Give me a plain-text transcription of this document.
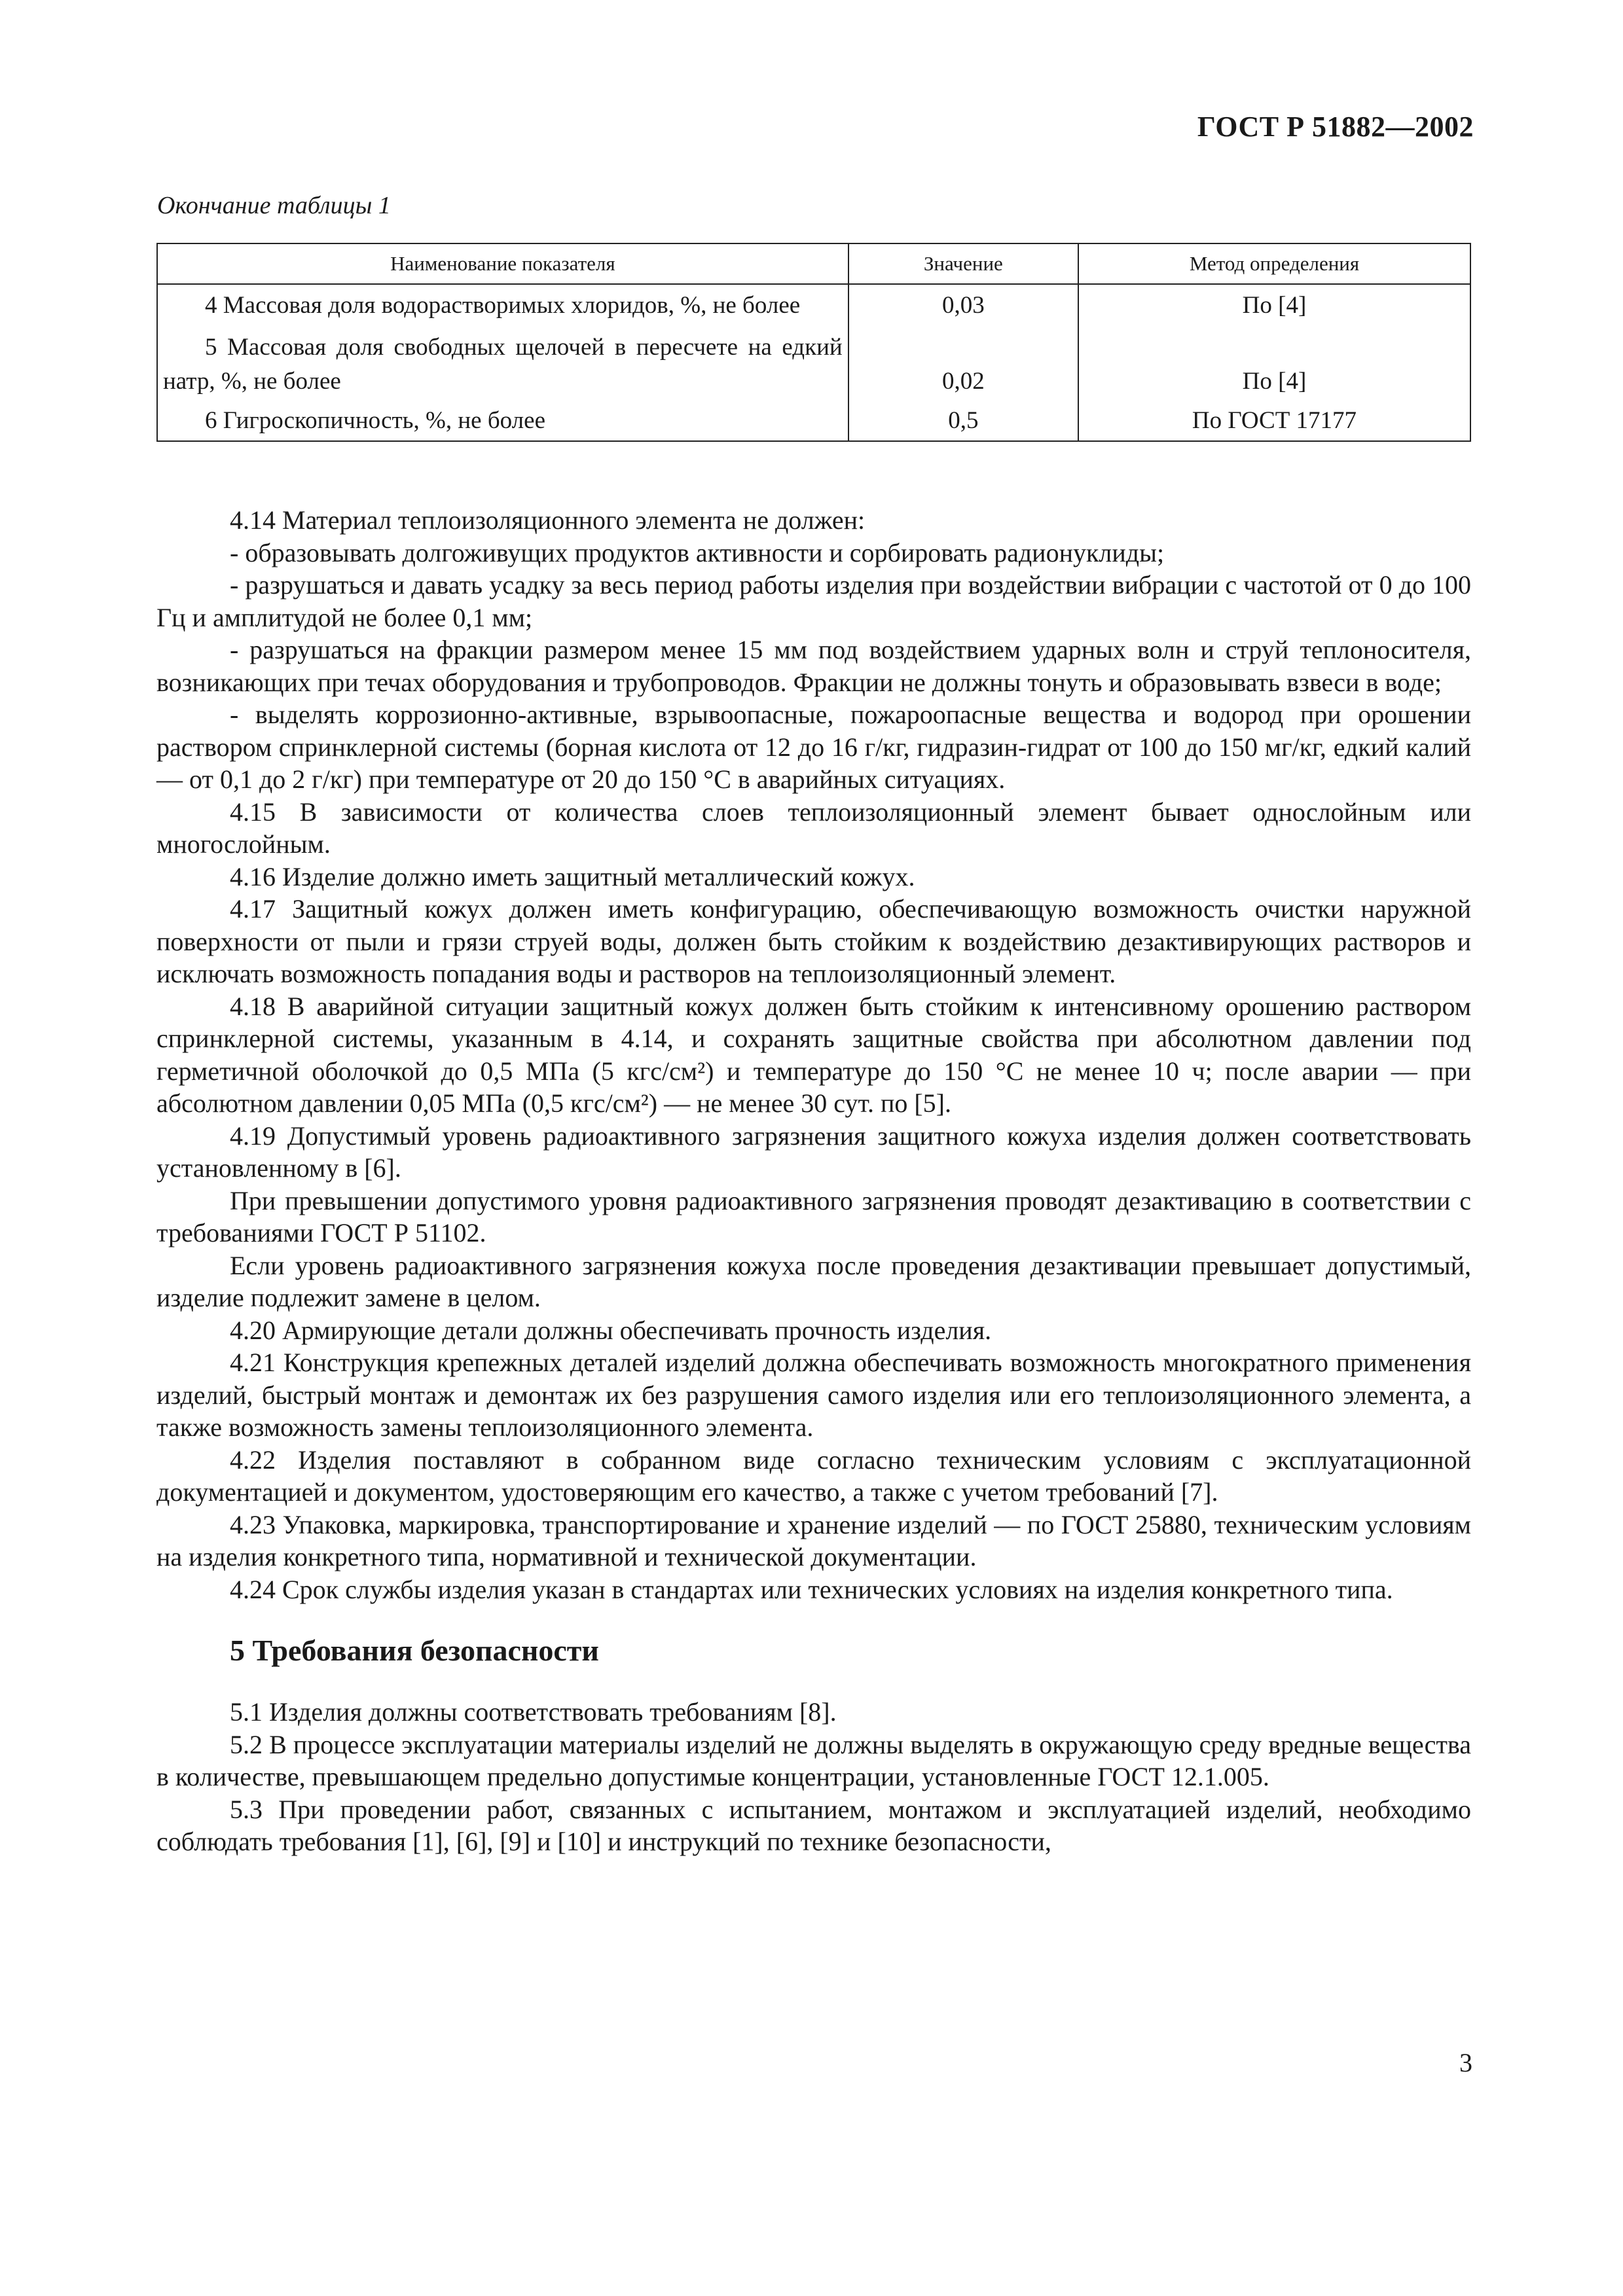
ГОСТ Р 51882—2002
Окончание таблицы 1
Наименование показателя	Значение	Метод определения

4 Массовая доля водорастворимых хлоридов, %, не более	0,03	По [4]

5 Массовая доля свободных щелочей в пересчете на едкий натр, %, не более	0,02	По [4]

6 Гигроскопичность, %, не более	0,5	По ГОСТ 17177

4.14 Материал теплоизоляционного элемента не должен:

- образовывать долгоживущих продуктов активности и сорбировать радионуклиды;

- разрушаться и давать усадку за весь период работы изделия при воздействии вибрации с частотой от 0 до 100 Гц и амплитудой не более 0,1 мм;

- разрушаться на фракции размером менее 15 мм под воздействием ударных волн и струй теплоносителя, возникающих при течах оборудования и трубопроводов. Фракции не должны тонуть и образовывать взвеси в воде;

- выделять коррозионно-активные, взрывоопасные, пожароопасные вещества и водород при орошении раствором спринклерной системы (борная кислота от 12 до 16 г/кг, гидразин-гидрат от 100 до 150 мг/кг, едкий калий — от 0,1 до 2 г/кг) при температуре от 20 до 150 °С в аварийных ситуациях.

4.15 В зависимости от количества слоев теплоизоляционный элемент бывает однослойным или многослойным.

4.16 Изделие должно иметь защитный металлический кожух.

4.17 Защитный кожух должен иметь конфигурацию, обеспечивающую возможность очистки наружной поверхности от пыли и грязи струей воды, должен быть стойким к воздействию дезактивирующих растворов и исключать возможность попадания воды и растворов на теплоизоляционный элемент.

4.18 В аварийной ситуации защитный кожух должен быть стойким к интенсивному орошению раствором спринклерной системы, указанным в 4.14, и сохранять защитные свойства при абсолютном давлении под герметичной оболочкой до 0,5 МПа (5 кгс/см²) и температуре до 150 °С не менее 10 ч; после аварии — при абсолютном давлении 0,05 МПа (0,5 кгс/см²) — не менее 30 сут. по [5].

4.19 Допустимый уровень радиоактивного загрязнения защитного кожуха изделия должен соответствовать установленному в [6].

При превышении допустимого уровня радиоактивного загрязнения проводят дезактивацию в соответствии с требованиями ГОСТ Р 51102.

Если уровень радиоактивного загрязнения кожуха после проведения дезактивации превышает допустимый, изделие подлежит замене в целом.

4.20 Армирующие детали должны обеспечивать прочность изделия.

4.21 Конструкция крепежных деталей изделий должна обеспечивать возможность многократного применения изделий, быстрый монтаж и демонтаж их без разрушения самого изделия или его теплоизоляционного элемента, а также возможность замены теплоизоляционного элемента.

4.22 Изделия поставляют в собранном виде согласно техническим условиям с эксплуатационной документацией и документом, удостоверяющим его качество, а также с учетом требований [7].

4.23 Упаковка, маркировка, транспортирование и хранение изделий — по ГОСТ 25880, техническим условиям на изделия конкретного типа, нормативной и технической документации.

4.24 Срок службы изделия указан в стандартах или технических условиях на изделия конкретного типа.

5 Требования безопасности

5.1 Изделия должны соответствовать требованиям [8].

5.2 В процессе эксплуатации материалы изделий не должны выделять в окружающую среду вредные вещества в количестве, превышающем предельно допустимые концентрации, установленные ГОСТ 12.1.005.

5.3 При проведении работ, связанных с испытанием, монтажом и эксплуатацией изделий, необходимо соблюдать требования [1], [6], [9] и [10] и инструкций по технике безопасности,

3
